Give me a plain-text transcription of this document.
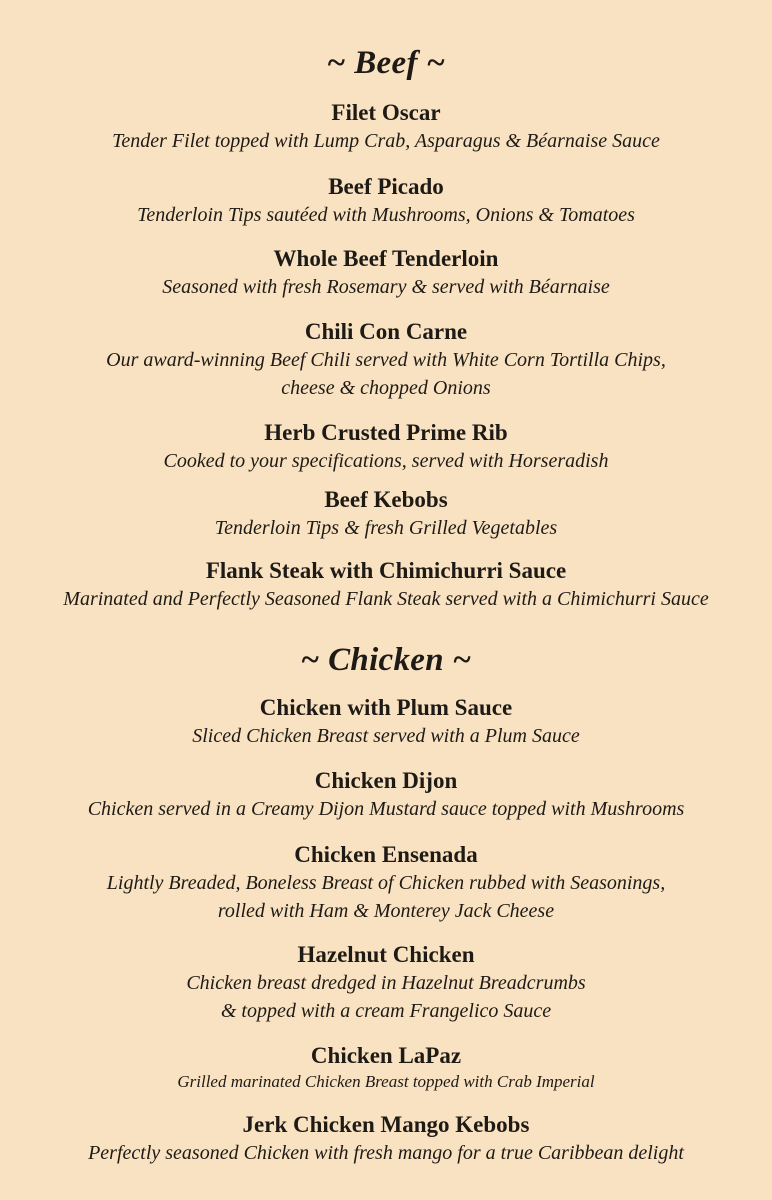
~ Beef ~
Filet Oscar
Tender Filet topped with Lump Crab, Asparagus & Béarnaise Sauce
Beef Picado
Tenderloin Tips sautéed with Mushrooms, Onions & Tomatoes
Whole Beef Tenderloin
Seasoned with fresh Rosemary & served with Béarnaise
Chili Con Carne
Our award-winning Beef Chili served with White Corn Tortilla Chips,
cheese & chopped Onions
Herb Crusted Prime Rib
Cooked to your specifications, served with Horseradish
Beef Kebobs
Tenderloin Tips & fresh Grilled Vegetables
Flank Steak with Chimichurri Sauce
Marinated and Perfectly Seasoned Flank Steak served with a Chimichurri Sauce
~ Chicken ~
Chicken with Plum Sauce
Sliced Chicken Breast served with a Plum Sauce
Chicken Dijon
Chicken served in a Creamy Dijon Mustard sauce topped with Mushrooms
Chicken Ensenada
Lightly Breaded, Boneless Breast of Chicken rubbed with Seasonings,
rolled with Ham & Monterey Jack Cheese
Hazelnut Chicken
Chicken breast dredged in Hazelnut Breadcrumbs
& topped with a cream Frangelico Sauce
Chicken LaPaz
Grilled marinated Chicken Breast topped with Crab Imperial
Jerk Chicken Mango Kebobs
Perfectly seasoned Chicken with fresh mango for a true Caribbean delight
